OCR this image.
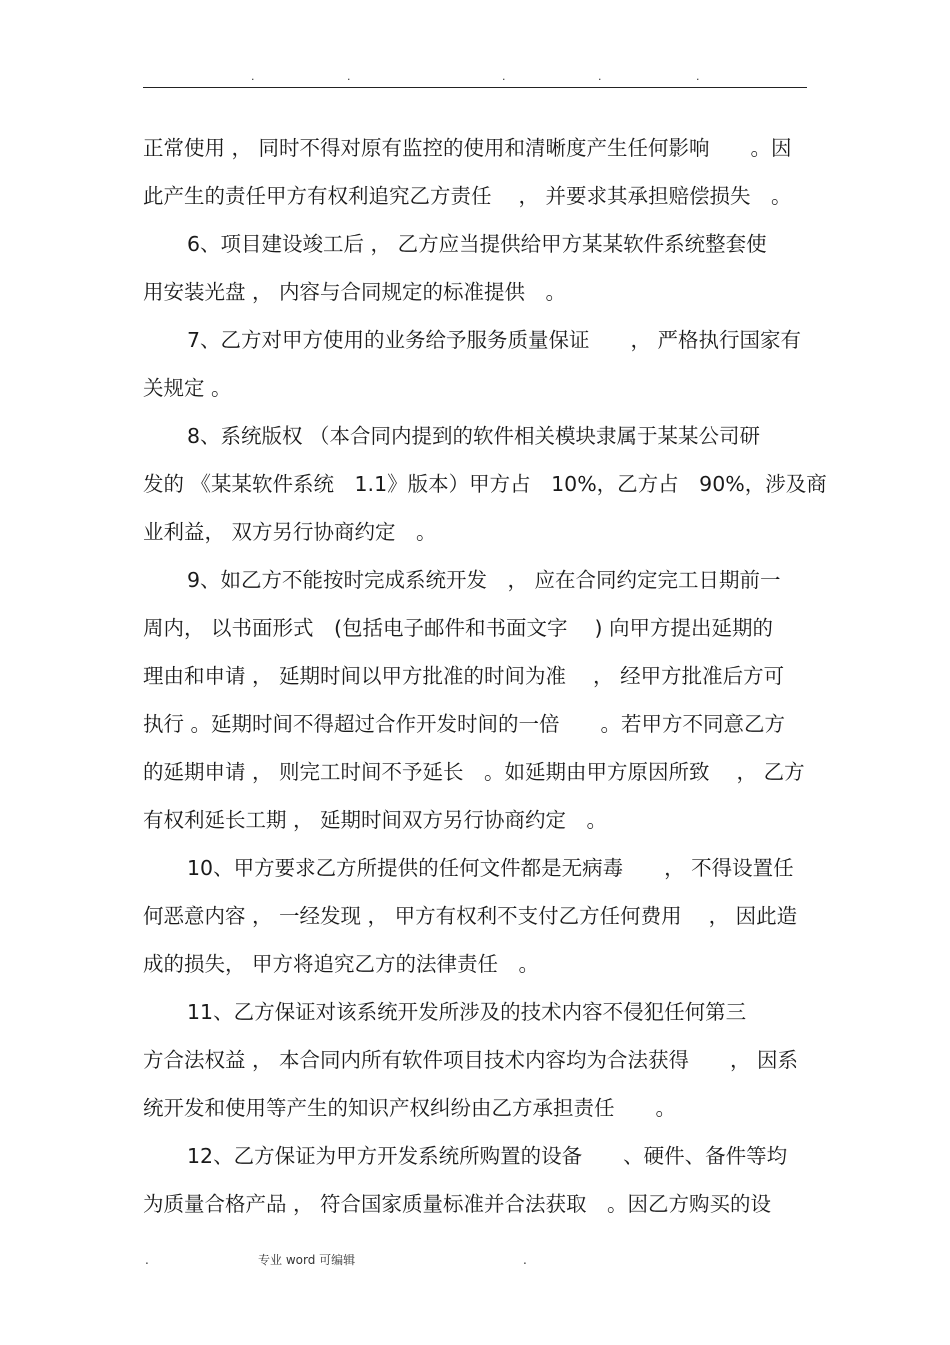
.	.	.	.	.
正常使用 ， 同时不得对原有监控的使用和清晰度产生任何影响　　。因
此产生的责任甲方有权利追究乙方责任　 ， 并要求其承担赔偿损失　。
6、项目建设竣工后 ， 乙方应当提供给甲方某某软件系统整套使
用安装光盘 ， 内容与合同规定的标准提供　。
7、乙方对甲方使用的业务给予服务质量保证　　， 严格执行国家有
关规定 。
8、系统版权 （本合同内提到的软件相关模块隶属于某某公司研
发的 《某某软件系统　1.1》版本）甲方占　10%，乙方占　90%，涉及商
业利益， 双方另行协商约定　。
9、如乙方不能按时完成系统开发　， 应在合同约定完工日期前一
周内， 以书面形式　(包括电子邮件和书面文字　 ) 向甲方提出延期的
理由和申请 ， 延期时间以甲方批准的时间为准　 ， 经甲方批准后方可
执行 。延期时间不得超过合作开发时间的一倍　　。若甲方不同意乙方
的延期申请 ， 则完工时间不予延长　。如延期由甲方原因所致　 ， 乙方
有权利延长工期 ， 延期时间双方另行协商约定　。
10、甲方要求乙方所提供的任何文件都是无病毒　　， 不得设置任
何恶意内容 ， 一经发现 ， 甲方有权利不支付乙方任何费用　 ， 因此造
成的损失， 甲方将追究乙方的法律责任　。
11、乙方保证对该系统开发所涉及的技术内容不侵犯任何第三
方合法权益 ， 本合同内所有软件项目技术内容均为合法获得　　， 因系
统开发和使用等产生的知识产权纠纷由乙方承担责任　　。
12、乙方保证为甲方开发系统所购置的设备　　、硬件、备件等均
为质量合格产品 ， 符合国家质量标准并合法获取　。因乙方购买的设
.	专业 word 可编辑	.
